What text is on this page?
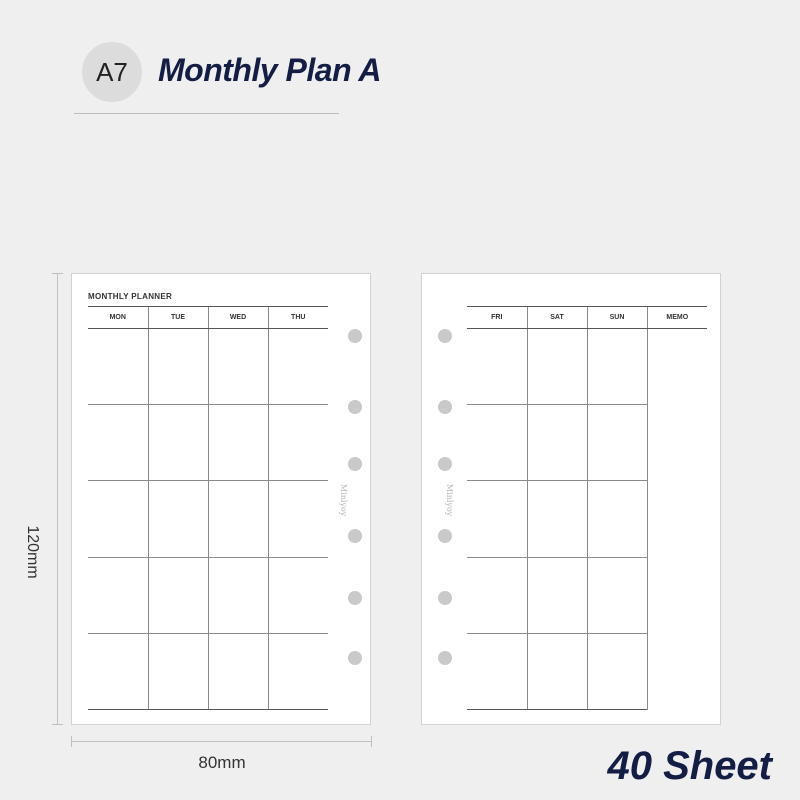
A7 Monthly Plan A
MONTHLY PLANNER
MON	TUE	WED	THU

Minlyoy
FRI	SAT	SUN	MEMO

Minlyoy
120mm
80mm	40 Sheet
